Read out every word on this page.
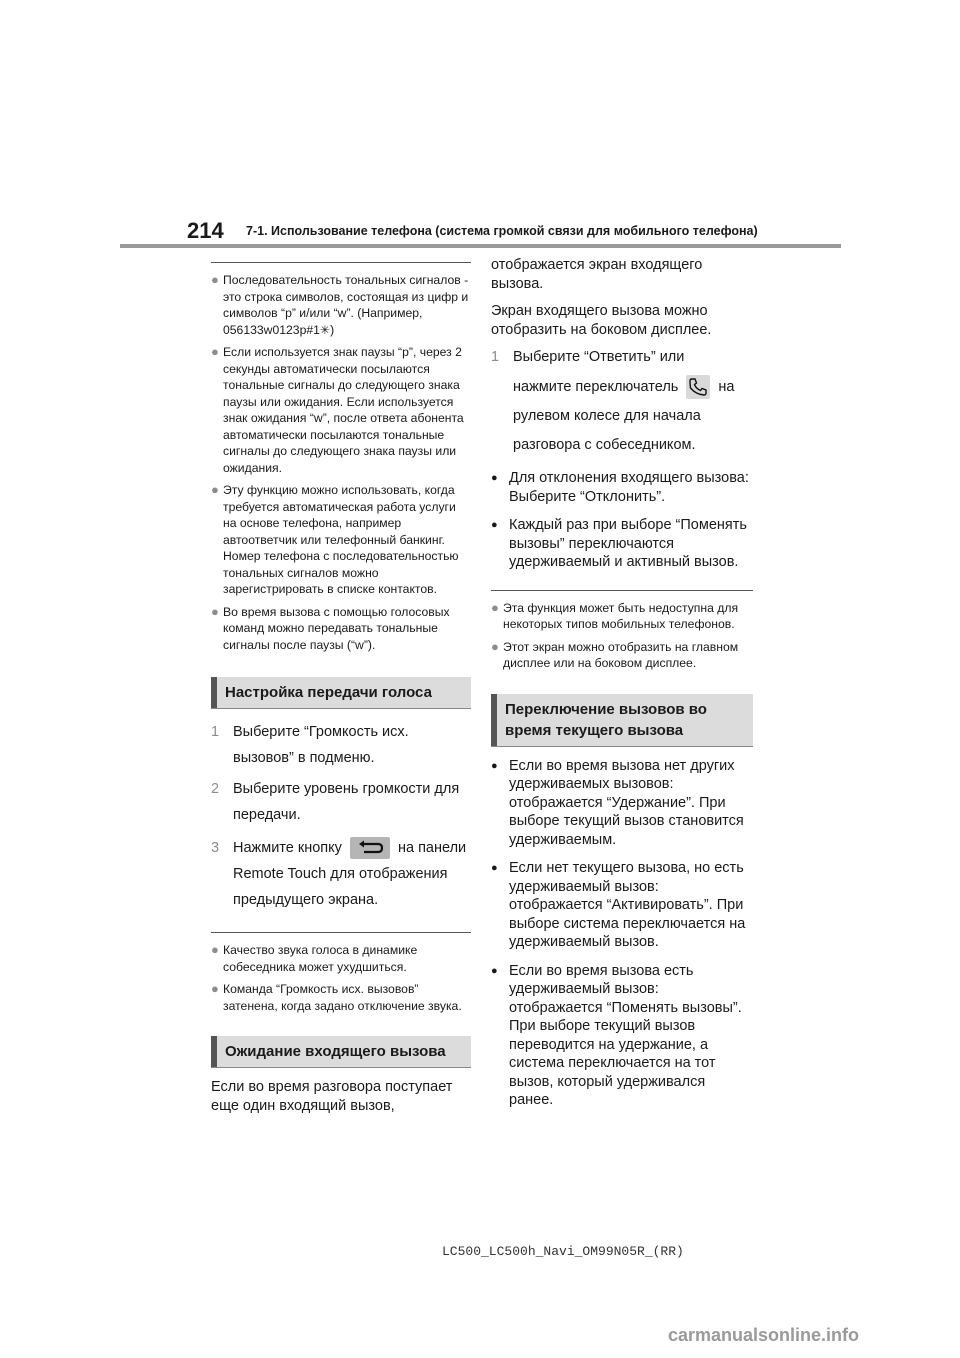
214 7-1. Использование телефона (система громкой связи для мобильного телефона)
● Последовательность тональных сигналов - это строка символов, состоящая из цифр и символов “p” и/или “w”. (Например, 056133w0123p#1✳)
● Если используется знак паузы “p”, через 2 секунды автоматически посылаются тональные сигналы до следующего знака паузы или ожидания. Если используется знак ожидания “w”, после ответа абонента автоматически посылаются тональные сигналы до следующего знака паузы или ожидания.
● Эту функцию можно использовать, когда требуется автоматическая работа услуги на основе телефона, например автоответчик или телефонный банкинг. Номер телефона с последовательностью тональных сигналов можно зарегистрировать в списке контактов.
● Во время вызова с помощью голосовых команд можно передавать тональные сигналы после паузы (“w”).
Настройка передачи голоса
1 Выберите “Громкость исх.
вызовов” в подменю.
2 Выберите уровень громкости для
передачи.
3 Нажмите кнопку	на панели
Remote Touch для отображения
предыдущего экрана.
● Качество звука голоса в динамике собеседника может ухудшиться.
● Команда “Громкость исх. вызовов” затенена, когда задано отключение звука.
Ожидание входящего вызова
Если во время разговора поступает еще один входящий вызов,
отображается экран входящего вызова.
Экран входящего вызова можно отобразить на боковом дисплее.
1 Выберите “Ответить” или
нажмите переключатель	на
рулевом колесе для начала
разговора с собеседником.
● Для отклонения входящего вызова: Выберите “Отклонить”.
● Каждый раз при выборе “Поменять вызовы” переключаются удерживаемый и активный вызов.
● Эта функция может быть недоступна для некоторых типов мобильных телефонов.
● Этот экран можно отобразить на главном дисплее или на боковом дисплее.
Переключение вызовов во время текущего вызова
● Если во время вызова нет других удерживаемых вызовов: отображается “Удержание”. При выборе текущий вызов становится удерживаемым.
● Если нет текущего вызова, но есть удерживаемый вызов: отображается “Активировать”. При выборе система переключается на удерживаемый вызов.
● Если во время вызова есть удерживаемый вызов: отображается “Поменять вызовы”. При выборе текущий вызов переводится на удержание, а система переключается на тот вызов, который удерживался ранее.
LC500_LC500h_Navi_OM99N05R_(RR)
carmanualsonline.info
